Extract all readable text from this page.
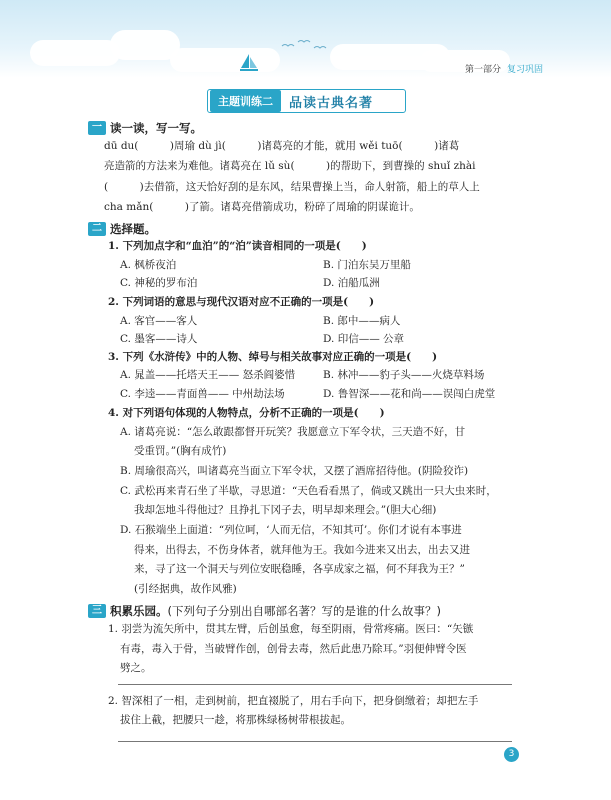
第一部分 复习巩固
主题训练二	品读古典名著
一 读一读，写一写。
dū du(　　　)周瑜 dù jì(　　　)诸葛亮的才能，就用 wěi tuō(　　　)诸葛
亮造箭的方法来为难他。诸葛亮在 lǔ sù(　　　)的帮助下，到曹操的 shuǐ zhài
(　　　)去借箭，这天恰好刮的是东风，结果曹操上当，命人射箭，船上的草人上
cha mǎn(　　　)了箭。诸葛亮借箭成功，粉碎了周瑜的阴谋诡计。
二 选择题。
1. 下列加点字和“血泊”的“泊”读音相同的一项是(　　)
A. 枫桥夜泊	B. 门泊东吴万里船
C. 神秘的罗布泊	D. 泊船瓜洲
2. 下列词语的意思与现代汉语对应不正确的一项是(　　)
A. 客官——客人	B. 郎中——病人
C. 墨客——诗人	D. 印信—— 公章
3. 下列《水浒传》中的人物、绰号与相关故事对应正确的一项是(　　)
A. 晁盖——托塔天王—— 怒杀阎婆惜	B. 林冲——豹子头——火烧草料场
C. 李逵——青面兽—— 中州劫法场	D. 鲁智深——花和尚——误闯白虎堂
4. 对下列语句体现的人物特点，分析不正确的一项是(　　)
A. 诸葛亮说：“怎么敢跟都督开玩笑？我愿意立下军令状，三天造不好，甘
受重罚。”(胸有成竹)
B. 周瑜很高兴，叫诸葛亮当面立下军令状，又摆了酒席招待他。(阴险狡诈)
C. 武松再来青石坐了半歇，寻思道：“天色看看黑了，倘或又跳出一只大虫来时，
我却怎地斗得他过？且挣扎下冈子去，明早却来理会。”(胆大心细)
D. 石猴端坐上面道：“列位呵，‘人而无信，不知其可’。你们才说有本事进
得来，出得去，不伤身体者，就拜他为王。我如今进来又出去，出去又进
来，寻了这一个洞天与列位安眠稳睡，各享成家之福，何不拜我为王？”
(引经据典，故作风雅)
三 积累乐园。 (下列句子分别出自哪部名著？写的是谁的什么故事？)
1. 羽尝为流矢所中，贯其左臂，后创虽愈，每至阴雨，骨常疼痛。医曰：“矢镞
有毒，毒入于骨，当破臂作创，创骨去毒，然后此患乃除耳。”羽便伸臂令医
劈之。
2. 智深相了一相，走到树前，把直裰脱了，用右手向下，把身倒缴着；却把左手
拔住上截，把腰只一趁，将那株绿杨树带根拔起。
3
